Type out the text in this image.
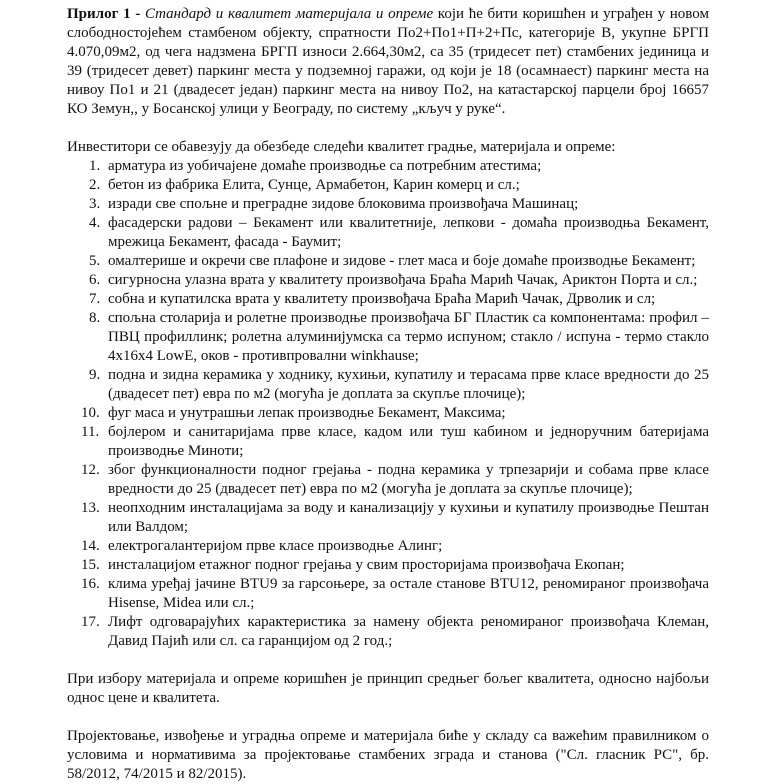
Прилог 1 - Стандард и квалитет материјала и опреме који ће бити коришћен и уграђен у новом слободностојећем стамбеном објекту, спратности По2+По1+П+2+Пс, категорије В, укупне БРГП 4.070,09м2, од чега надзмена БРГП износи 2.664,30м2, са 35 (тридесет пет) стамбених јединица и 39 (тридесет девет) паркинг места у подземној гаражи, од који је 18 (осамнаест) паркинг места на нивоу По1 и 21 (двадесет један) паркинг места на нивоу По2, на катастарској парцели број 16657 КО Земун,, у Босанској улици у Београду, по систему „кључ у руке“.

Инвеститори се обавезују да обезбеде следећи квалитет градње, материјала и опреме:

1. арматура из уобичајене домаће производње са потребним атестима;
2. бетон из фабрика Елита, Сунце, Армабетон, Карин комерц и сл.;
3. изради све спољне и преградне зидове блоковима произвођача Машинац;
4. фасадерски радови – Бекамент или квалитетније, лепкови - домаћа производња Бекамент, мрежица Бекамент, фасада - Баумит;
5. омалтерише и окречи све плафоне и зидове - глет маса и боје домаће производње Бекамент;
6. сигурносна улазна врата у квалитету произвођача Браћа Марић Чачак, Ариктон Порта и сл.;
7. собна и купатилска врата у квалитету произвођача Браћа Марић Чачак, Дрволик и сл;
8. спољна столарија и ролетне производње произвођача БГ Пластик са компонентама: профил – ПВЦ профиллинк; ролетна алуминијумска са термо испуном; стакло / испуна - термо стакло 4х16х4 LowE, оков - противпровални winkhause;
9. подна и зидна керамика у ходнику, кухињи, купатилу и терасама прве класе вредности до 25 (двадесет пет) евра по м2 (могућа је доплата за скупље плочице);
10. фуг маса и унутрашњи лепак производње Бекамент, Максима;
11. бојлером и санитаријама прве класе, кадом или туш кабином и једноручним батеријама производње Миноти;
12. због функционалности подног грејања - подна керамика у трпезарији и собама прве класе вредности до 25 (двадесет пет) евра по м2 (могућа је доплата за скупље плочице);
13. неопходним инсталацијама за воду и канализацију у кухињи и купатилу производње Пештан или Валдом;
14. електрогалантеријом прве класе производње Алинг;
15. инсталацијом етажног подног грејања у свим просторијама произвођача Екопан;
16. клима уређај јачине BTU9 за гарсоњере, за остале станове BTU12, реномираног произвођача Hisense, Midea или сл.;
17. Лифт одговарајућих карактеристика за намену објекта реномираног произвођача Клеман, Давид Пајић или сл. са гаранцијом од 2 год.;

При избору материјала и опреме коришћен је принцип средњег бољег квалитета, односно најбољи однос цене и квалитета.

Пројектовање, извођење и уградња опреме и материјала биће у складу са важећим правилником о условима и нормативима за пројектовање стамбених зграда и станова ("Сл. гласник РС", бр. 58/2012, 74/2015 и 82/2015).
